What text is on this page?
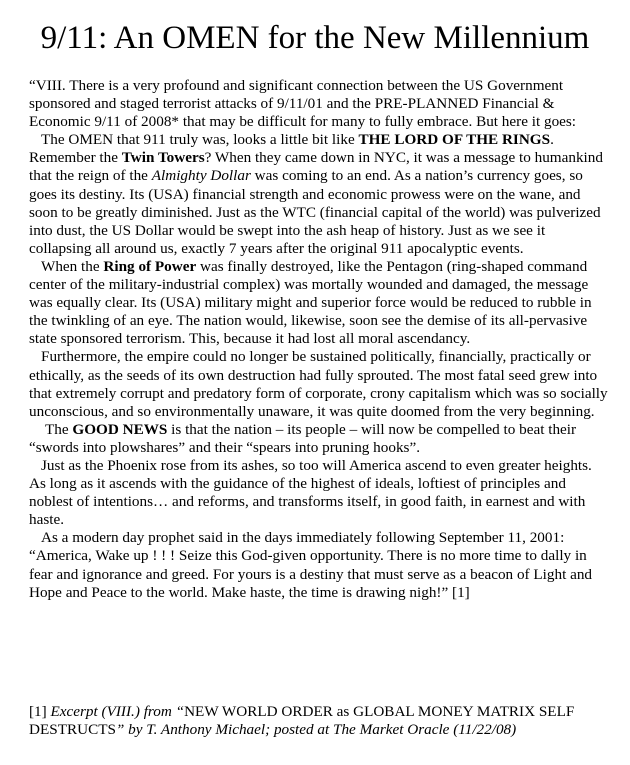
9/11: An OMEN for the New Millennium

“VIII. There is a very profound and significant connection between the US Government sponsored and staged terrorist attacks of 9/11/01 and the PRE-PLANNED Financial & Economic 9/11 of 2008* that may be difficult for many to fully embrace. But here it goes:

The OMEN that 911 truly was, looks a little bit like THE LORD OF THE RINGS. Remember the Twin Towers? When they came down in NYC, it was a message to humankind that the reign of the Almighty Dollar was coming to an end. As a nation’s currency goes, so goes its destiny. Its (USA) financial strength and economic prowess were on the wane, and soon to be greatly diminished. Just as the WTC (financial capital of the world) was pulverized into dust, the US Dollar would be swept into the ash heap of history. Just as we see it collapsing all around us, exactly 7 years after the original 911 apocalyptic events.

When the Ring of Power was finally destroyed, like the Pentagon (ring-shaped command center of the military-industrial complex) was mortally wounded and damaged, the message was equally clear. Its (USA) military might and superior force would be reduced to rubble in the twinkling of an eye. The nation would, likewise, soon see the demise of its all-pervasive state sponsored terrorism. This, because it had lost all moral ascendancy.

Furthermore, the empire could no longer be sustained politically, financially, practically or ethically, as the seeds of its own destruction had fully sprouted. The most fatal seed grew into that extremely corrupt and predatory form of corporate, crony capitalism which was so socially unconscious, and so environmentally unaware, it was quite doomed from the very beginning.

The GOOD NEWS is that the nation – its people – will now be compelled to beat their “swords into plowshares” and their “spears into pruning hooks”.

Just as the Phoenix rose from its ashes, so too will America ascend to even greater heights. As long as it ascends with the guidance of the highest of ideals, loftiest of principles and noblest of intentions… and reforms, and transforms itself, in good faith, in earnest and with haste.

As a modern day prophet said in the days immediately following September 11, 2001: “America, Wake up ! ! ! Seize this God-given opportunity. There is no more time to dally in fear and ignorance and greed. For yours is a destiny that must serve as a beacon of Light and Hope and Peace to the world. Make haste, the time is drawing nigh!” [1]

[1] Excerpt (VIII.) from “NEW WORLD ORDER as GLOBAL MONEY MATRIX SELF DESTRUCTS” by T. Anthony Michael; posted at The Market Oracle (11/22/08)
